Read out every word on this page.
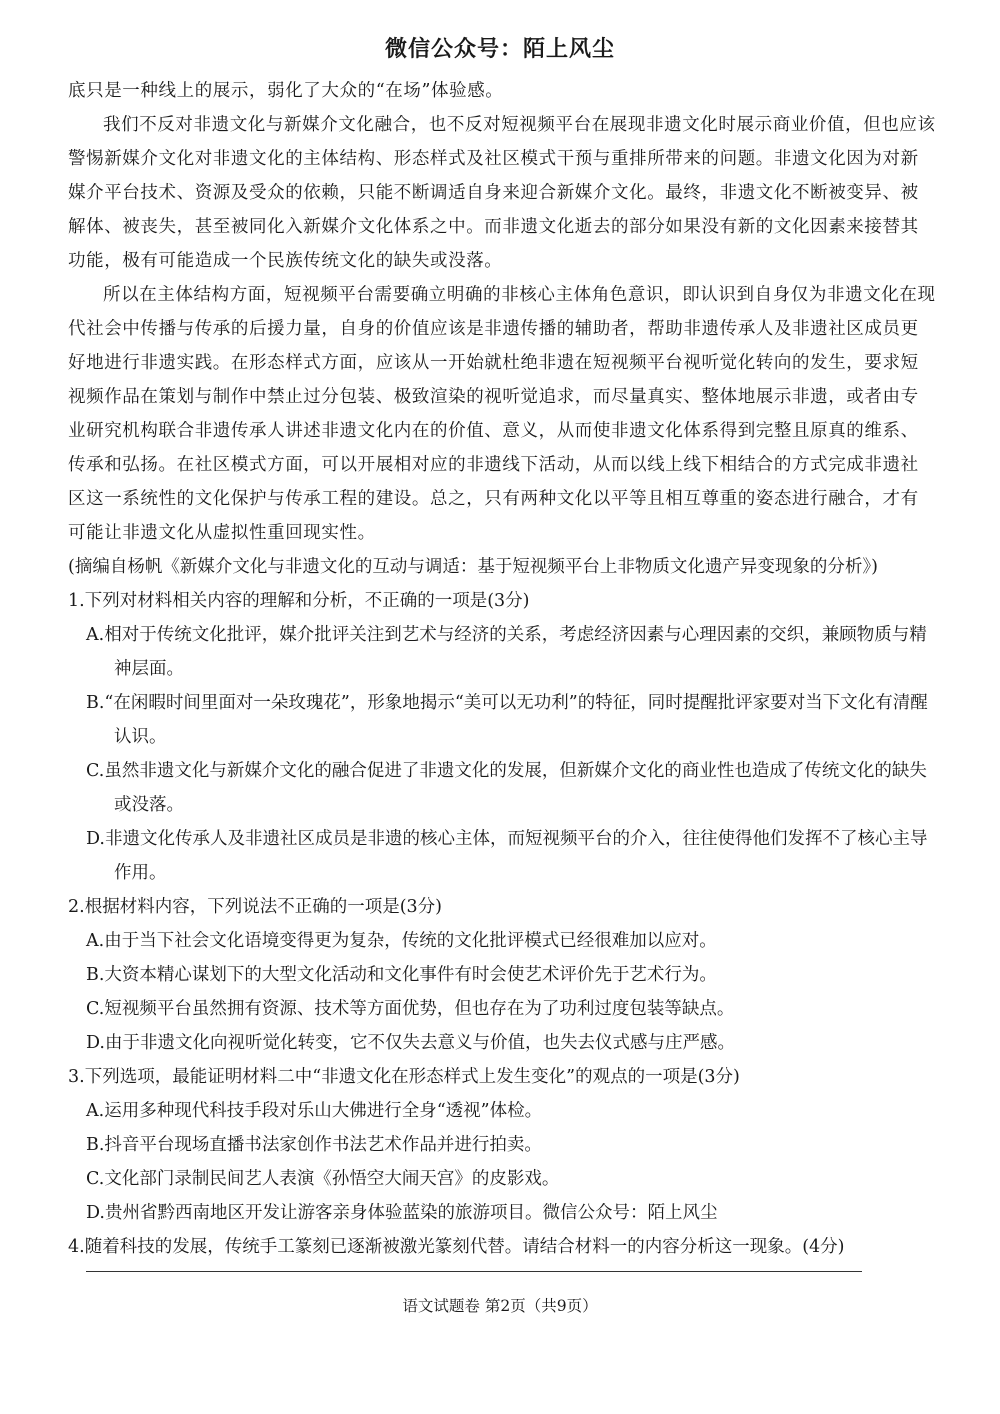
微信公众号：陌上风尘

底只是一种线上的展示，弱化了大众的“在场”体验感。

我们不反对非遗文化与新媒介文化融合，也不反对短视频平台在展现非遗文化时展示商业价值，但也应该警惕新媒介文化对非遗文化的主体结构、形态样式及社区模式干预与重排所带来的问题。非遗文化因为对新媒介平台技术、资源及受众的依赖，只能不断调适自身来迎合新媒介文化。最终，非遗文化不断被变异、被解体、被丧失，甚至被同化入新媒介文化体系之中。而非遗文化逝去的部分如果没有新的文化因素来接替其功能，极有可能造成一个民族传统文化的缺失或没落。

所以在主体结构方面，短视频平台需要确立明确的非核心主体角色意识，即认识到自身仅为非遗文化在现代社会中传播与传承的后援力量，自身的价值应该是非遗传播的辅助者，帮助非遗传承人及非遗社区成员更好地进行非遗实践。在形态样式方面，应该从一开始就杜绝非遗在短视频平台视听觉化转向的发生，要求短视频作品在策划与制作中禁止过分包装、极致渲染的视听觉追求，而尽量真实、整体地展示非遗，或者由专业研究机构联合非遗传承人讲述非遗文化内在的价值、意义，从而使非遗文化体系得到完整且原真的维系、传承和弘扬。在社区模式方面，可以开展相对应的非遗线下活动，从而以线上线下相结合的方式完成非遗社区这一系统性的文化保护与传承工程的建设。总之，只有两种文化以平等且相互尊重的姿态进行融合，才有可能让非遗文化从虚拟性重回现实性。

(摘编自杨帆《新媒介文化与非遗文化的互动与调适：基于短视频平台上非物质文化遗产异变现象的分析》)

1.下列对材料相关内容的理解和分析，不正确的一项是(3分)

A.相对于传统文化批评，媒介批评关注到艺术与经济的关系，考虑经济因素与心理因素的交织，兼顾物质与精神层面。

B.“在闲暇时间里面对一朵玫瑰花”，形象地揭示“美可以无功利”的特征，同时提醒批评家要对当下文化有清醒认识。

C.虽然非遗文化与新媒介文化的融合促进了非遗文化的发展，但新媒介文化的商业性也造成了传统文化的缺失或没落。

D.非遗文化传承人及非遗社区成员是非遗的核心主体，而短视频平台的介入，往往使得他们发挥不了核心主导作用。

2.根据材料内容，下列说法不正确的一项是(3分)

A.由于当下社会文化语境变得更为复杂，传统的文化批评模式已经很难加以应对。

B.大资本精心谋划下的大型文化活动和文化事件有时会使艺术评价先于艺术行为。

C.短视频平台虽然拥有资源、技术等方面优势，但也存在为了功利过度包装等缺点。

D.由于非遗文化向视听觉化转变，它不仅失去意义与价值，也失去仪式感与庄严感。

3.下列选项，最能证明材料二中“非遗文化在形态样式上发生变化”的观点的一项是(3分)

A.运用多种现代科技手段对乐山大佛进行全身“透视”体检。

B.抖音平台现场直播书法家创作书法艺术作品并进行拍卖。

C.文化部门录制民间艺人表演《孙悟空大闹天宫》的皮影戏。

D.贵州省黔西南地区开发让游客亲身体验蓝染的旅游项目。微信公众号：陌上风尘

4.随着科技的发展，传统手工篆刻已逐渐被激光篆刻代替。请结合材料一的内容分析这一现象。(4分)

语文试题卷 第2页（共9页）
